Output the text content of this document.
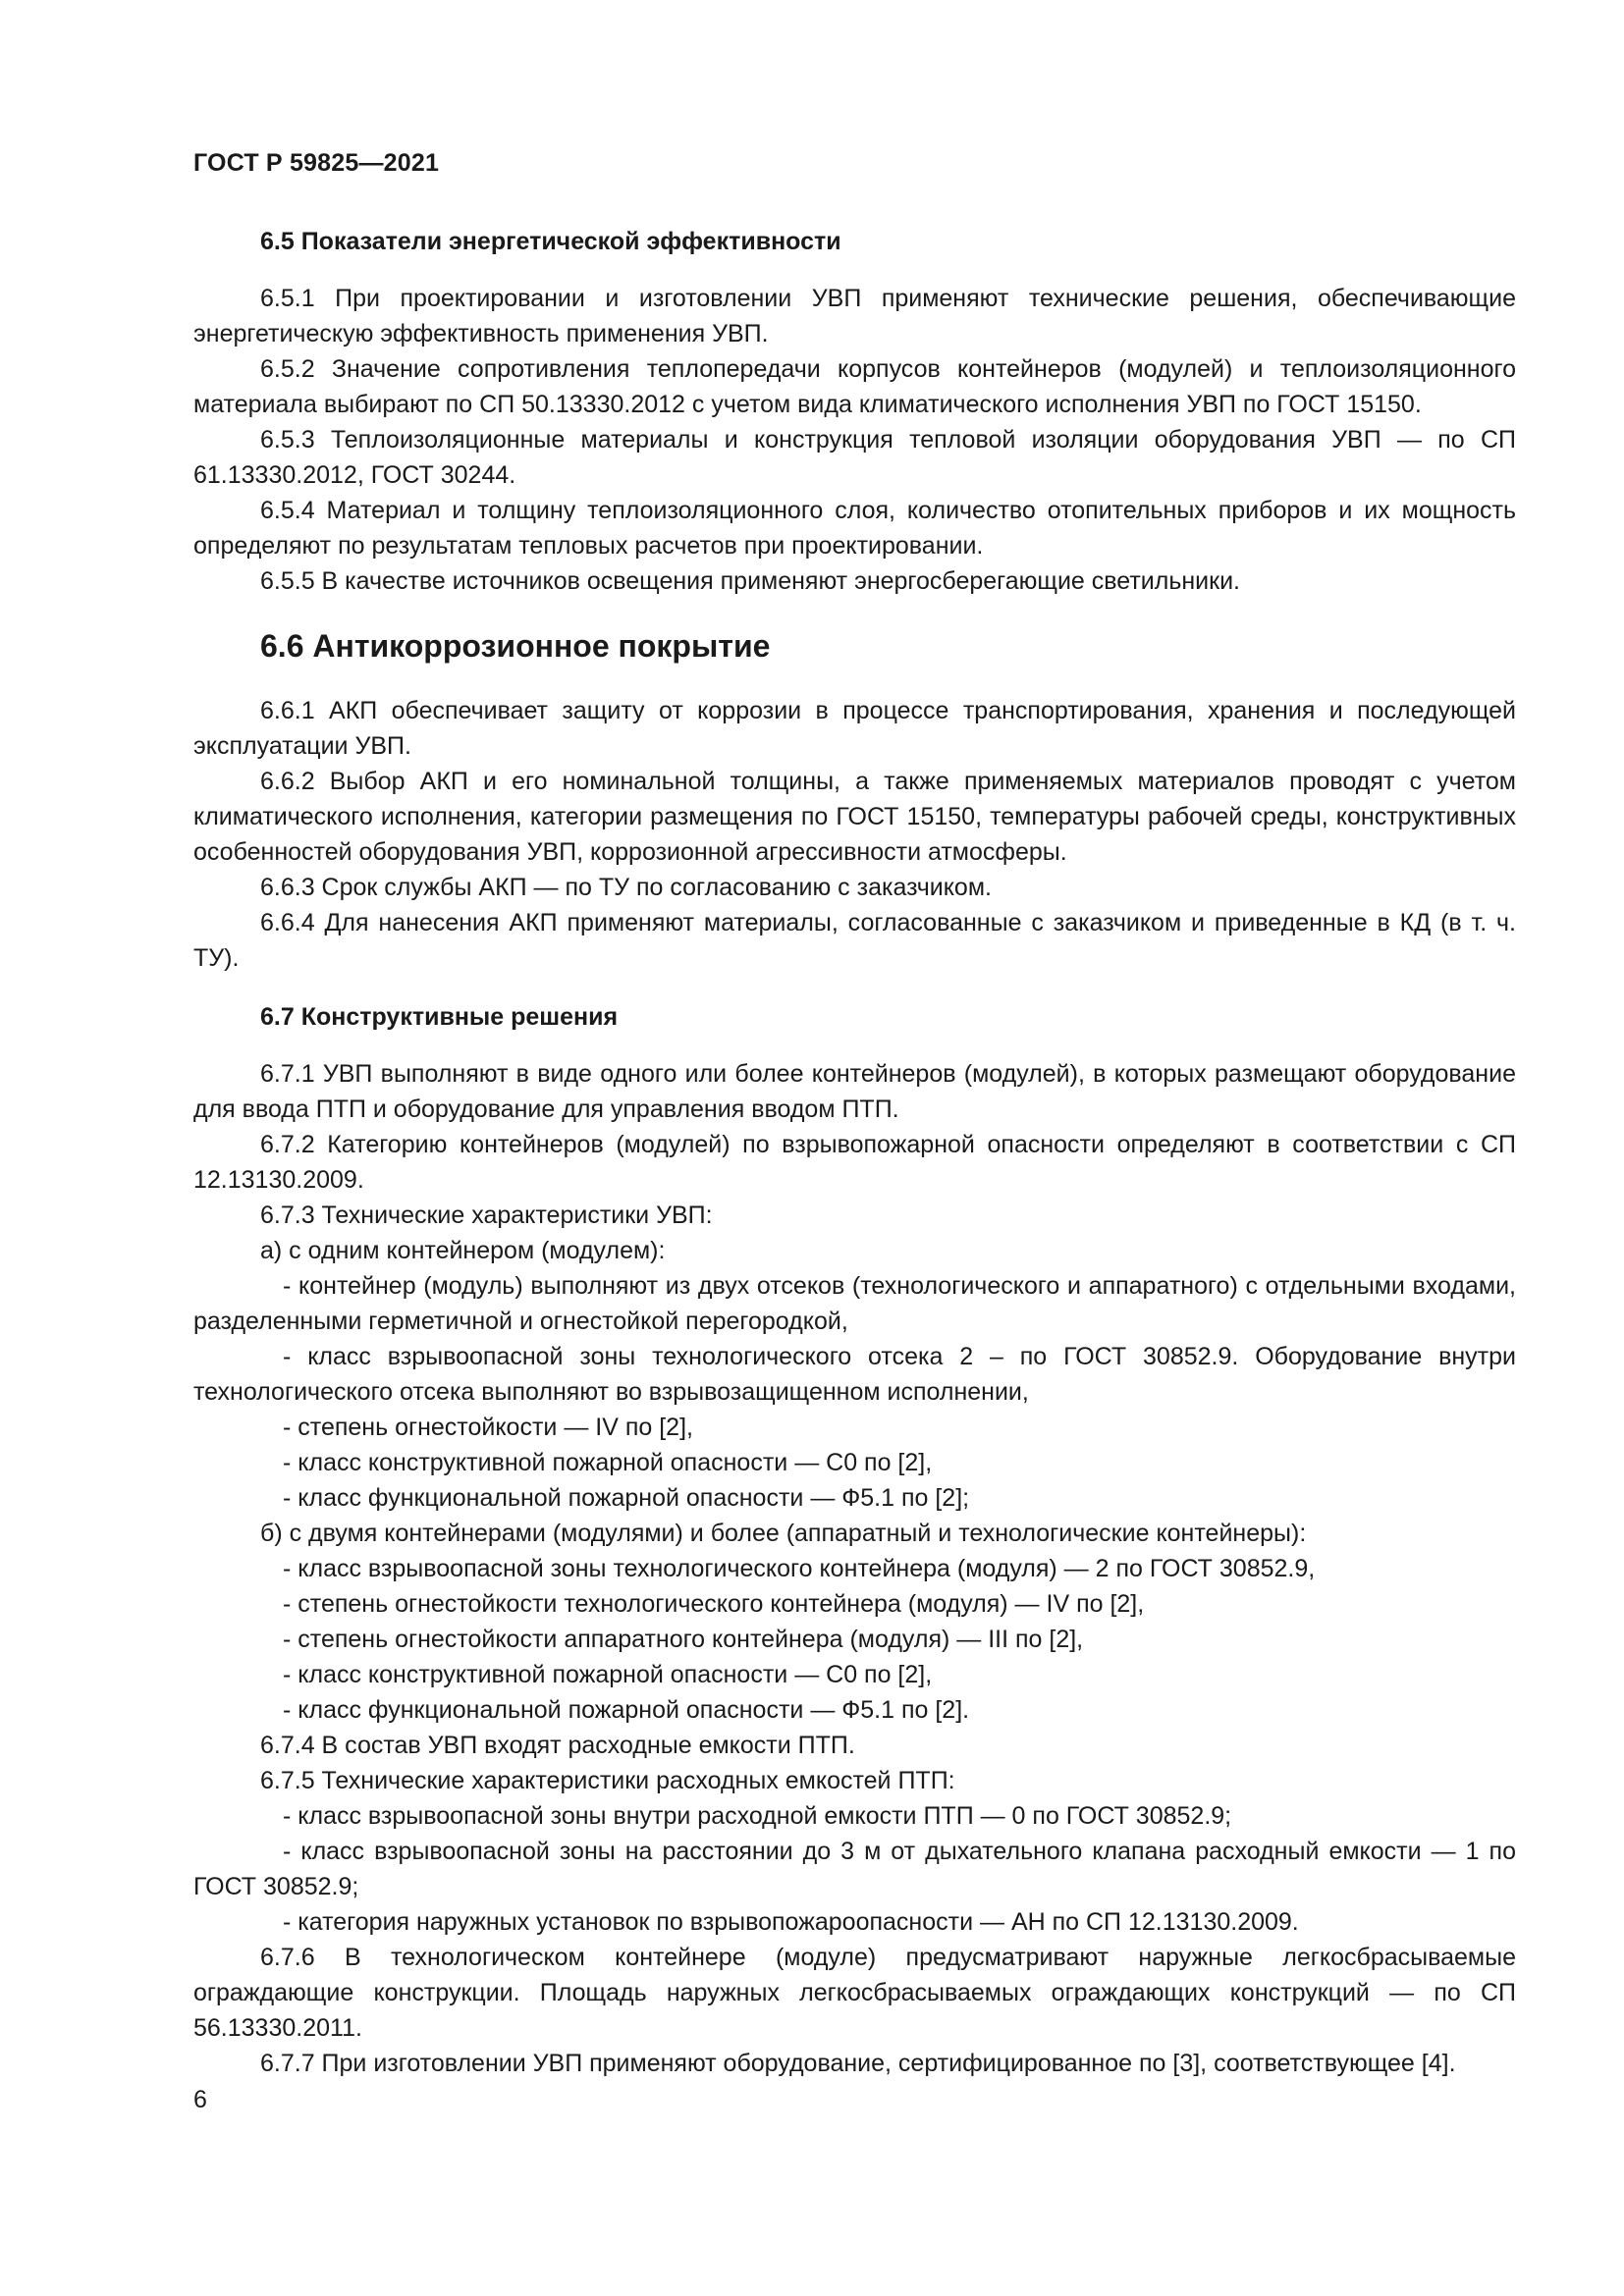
ГОСТ Р 59825—2021

6.5 Показатели энергетической эффективности

6.5.1 При проектировании и изготовлении УВП применяют технические решения, обеспечивающие энергетическую эффективность применения УВП.

6.5.2 Значение сопротивления теплопередачи корпусов контейнеров (модулей) и теплоизоляционного материала выбирают по СП 50.13330.2012 с учетом вида климатического исполнения УВП по ГОСТ 15150.

6.5.3 Теплоизоляционные материалы и конструкция тепловой изоляции оборудования УВП — по СП 61.13330.2012, ГОСТ 30244.

6.5.4 Материал и толщину теплоизоляционного слоя, количество отопительных приборов и их мощность определяют по результатам тепловых расчетов при проектировании.

6.5.5 В качестве источников освещения применяют энергосберегающие светильники.

6.6 Антикоррозионное покрытие

6.6.1 АКП обеспечивает защиту от коррозии в процессе транспортирования, хранения и последующей эксплуатации УВП.

6.6.2 Выбор АКП и его номинальной толщины, а также применяемых материалов проводят с учетом климатического исполнения, категории размещения по ГОСТ 15150, температуры рабочей среды, конструктивных особенностей оборудования УВП, коррозионной агрессивности атмосферы.

6.6.3 Срок службы АКП — по ТУ по согласованию с заказчиком.

6.6.4 Для нанесения АКП применяют материалы, согласованные с заказчиком и приведенные в КД (в т. ч. ТУ).

6.7 Конструктивные решения

6.7.1 УВП выполняют в виде одного или более контейнеров (модулей), в которых размещают оборудование для ввода ПТП и оборудование для управления вводом ПТП.

6.7.2 Категорию контейнеров (модулей) по взрывопожарной опасности определяют в соответствии с СП 12.13130.2009.

6.7.3 Технические характеристики УВП:

а) с одним контейнером (модулем):

- контейнер (модуль) выполняют из двух отсеков (технологического и аппаратного) с отдельными входами, разделенными герметичной и огнестойкой перегородкой,

- класс взрывоопасной зоны технологического отсека 2 – по ГОСТ 30852.9. Оборудование внутри технологического отсека выполняют во взрывозащищенном исполнении,

- степень огнестойкости — IV по [2],

- класс конструктивной пожарной опасности — С0 по [2],

- класс функциональной пожарной опасности — Ф5.1 по [2];

б) с двумя контейнерами (модулями) и более (аппаратный и технологические контейнеры):

- класс взрывоопасной зоны технологического контейнера (модуля) — 2 по ГОСТ 30852.9,

- степень огнестойкости технологического контейнера (модуля) — IV по [2],

- степень огнестойкости аппаратного контейнера (модуля) — III по [2],

- класс конструктивной пожарной опасности — С0 по [2],

- класс функциональной пожарной опасности — Ф5.1 по [2].

6.7.4 В состав УВП входят расходные емкости ПТП.

6.7.5 Технические характеристики расходных емкостей ПТП:

- класс взрывоопасной зоны внутри расходной емкости ПТП — 0 по ГОСТ 30852.9;

- класс взрывоопасной зоны на расстоянии до 3 м от дыхательного клапана расходный емкости — 1 по ГОСТ 30852.9;

- категория наружных установок по взрывопожароопасности — АН по СП 12.13130.2009.

6.7.6 В технологическом контейнере (модуле) предусматривают наружные легкосбрасываемые ограждающие конструкции. Площадь наружных легкосбрасываемых ограждающих конструкций — по СП 56.13330.2011.

6.7.7 При изготовлении УВП применяют оборудование, сертифицированное по [3], соответствующее [4].

6
